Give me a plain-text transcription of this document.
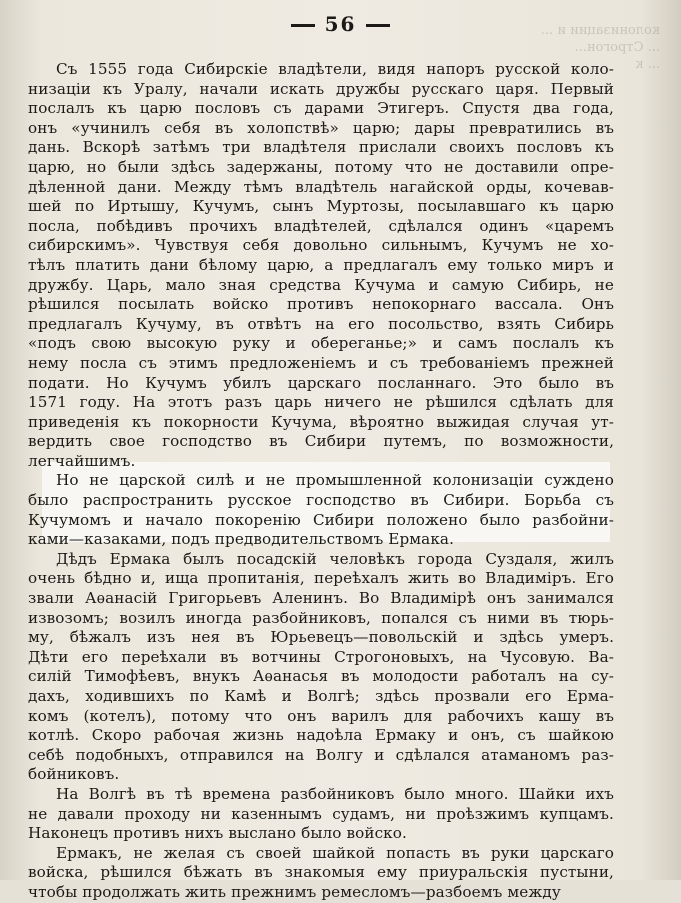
колонизации и ...
... Строгон...
... к
56
Съ 1555 года Сибирскіе владѣтели, видя напоръ русской коло-
низаціи къ Уралу, начали искать дружбы русскаго царя. Первый
послалъ къ царю пословъ съ дарами Этигеръ. Спустя два года,
онъ «учинилъ себя въ холопствѣ» царю; дары превратились въ
дань. Вскорѣ затѣмъ три владѣтеля прислали своихъ пословъ къ
царю, но были здѣсь задержаны, потому что не доставили опре-
дѣленной дани. Между тѣмъ владѣтель нагайской орды, кочевав-
шей по Иртышу, Кучумъ, сынъ Муртозы, посылавшаго къ царю
посла, побѣдивъ прочихъ владѣтелей, сдѣлался одинъ «царемъ
сибирскимъ». Чувствуя себя довольно сильнымъ, Кучумъ не хо-
тѣлъ платить дани бѣлому царю, а предлагалъ ему только миръ и
дружбу. Царь, мало зная средства Кучума и самую Сибирь, не
рѣшился посылать войско противъ непокорнаго вассала. Онъ
предлагалъ Кучуму, въ отвѣтъ на его посольство, взять Сибирь
«подъ свою высокую руку и обереганье;» и самъ послалъ къ
нему посла съ этимъ предложеніемъ и съ требованіемъ прежней
подати. Но Кучумъ убилъ царскаго посланнаго. Это было въ
1571 году. На этотъ разъ царь ничего не рѣшился сдѣлать для
приведенія къ покорности Кучума, вѣроятно выжидая случая ут-
вердить свое господство въ Сибири путемъ, по возможности,
легчайшимъ.
Но не царской силѣ и не промышленной колонизаціи суждено
было распространить русское господство въ Сибири. Борьба съ
Кучумомъ и начало покоренію Сибири положено было разбойни-
ками—казаками, подъ предводительствомъ Ермака.
Дѣдъ Ермака былъ посадскій человѣкъ города Суздаля, жилъ
очень бѣдно и, ища пропитанія, переѣхалъ жить во Владиміръ. Его
звали Аѳанасій Григорьевъ Аленинъ. Во Владимірѣ онъ занимался
извозомъ; возилъ иногда разбойниковъ, попался съ ними въ тюрь-
му, бѣжалъ изъ нея въ Юрьевецъ—повольскій и здѣсь умеръ.
Дѣти его переѣхали въ вотчины Строгоновыхъ, на Чусовую. Ва-
силій Тимофѣевъ, внукъ Аѳанасья въ молодости работалъ на су-
дахъ, ходившихъ по Камѣ и Волгѣ; здѣсь прозвали его Ерма-
комъ (котелъ), потому что онъ варилъ для рабочихъ кашу въ
котлѣ. Скоро рабочая жизнь надоѣла Ермаку и онъ, съ шайкою
себѣ подобныхъ, отправился на Волгу и сдѣлался атаманомъ раз-
бойниковъ.
На Волгѣ въ тѣ времена разбойниковъ было много. Шайки ихъ
не давали проходу ни казеннымъ судамъ, ни проѣзжимъ купцамъ.
Наконецъ противъ нихъ выслано было войско.
Ермакъ, не желая съ своей шайкой попасть въ руки царскаго
войска, рѣшился бѣжать въ знакомыя ему приуральскія пустыни,
чтобы продолжать жить прежнимъ ремесломъ—разбоемъ между
